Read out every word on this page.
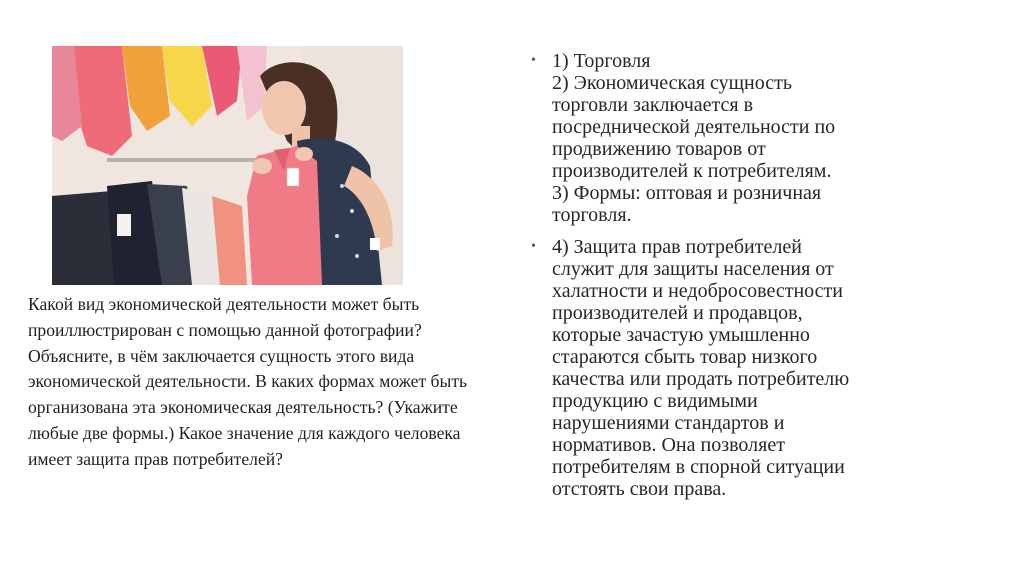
Какой вид экономической деятельности может быть проиллюстрирован с помощью данной фотографии? Объясните, в чём заключается сущность этого вида экономической деятельности. В каких формах может быть организована эта экономическая деятельность? (Укажите любые две формы.) Какое значение для каждого человека имеет защита прав потребителей?

• 1) Торговля
2) Экономическая сущность
торговли заключается в
посреднической деятельности по
продвижению товаров от
производителей к потребителям.
3) Формы: оптовая и розничная
торговля.
• 4) Защита прав потребителей
служит для защиты населения от
халатности и недобросовестности
производителей и продавцов,
которые зачастую умышленно
стараются сбыть товар низкого
качества или продать потребителю
продукцию с видимыми
нарушениями стандартов и
нормативов. Она позволяет
потребителям в спорной ситуации
отстоять свои права.
